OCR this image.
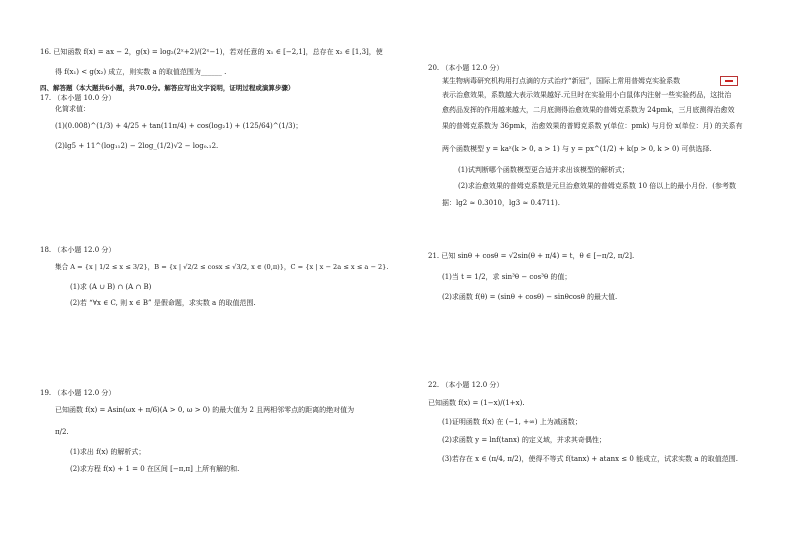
16. 已知函数 f(x) = ax − 2，g(x) = log₂(2ˣ+2)/(2ˣ−1)，若对任意的 x₁ ∈ [−2,1]，总存在 x₂ ∈ [1,3]，使
得 f(x₁) < g(x₂) 成立，则实数 a 的取值范围为______ .
四、解答题（本大题共6小题，共70.0分。解答应写出文字说明，证明过程或演算步骤）
17. （本小题 10.0 分）
化简求值：
(1)(0.008)^(1/3) + 4/25 + tan(11π/4) + cos(log₂1) + (125/64)^(1/3)；
(2)lg5 + 11^(log₁₁2) − 2log_(1/2)√2 − log₀.₁2.
18. （本小题 12.0 分）
集合 A = {x | 1/2 ≤ x ≤ 3/2}，B = {x | √2/2 ≤ cosx ≤ √3/2, x ∈ (0,π)}，C = {x | x − 2a ≤ x ≤ a − 2}.
(1)求 (A ∪ B) ∩ (A ∩ B)
(2)若 “∀x ∈ C, 则 x ∈ B” 是假命题，求实数 a 的取值范围.
19. （本小题 12.0 分）
已知函数 f(x) = Asin(ωx + π/6)(A > 0, ω > 0) 的最大值为 2 且两相邻零点的距离的绝对值为
π/2.
(1)求出 f(x) 的解析式；
(2)求方程 f(x) + 1 = 0 在区间 [−π,π] 上所有解的和.
20. （本小题 12.0 分）
某生物病毒研究机构用打点滴的方式治疗“新冠”，国际上常用普姆克实验系数
表示治愈效果，系数越大表示效果越好.元旦时在实验用小白鼠体内注射一些实验药品，这批治
愈药品发挥的作用越来越大，二月底测得治愈效果的普姆克系数为 24pmk，三月底测得治愈效
果的普姆克系数为 36pmk，治愈效果的普姆克系数 y(单位：pmk) 与月份 x(单位：月) 的关系有
两个函数模型 y = kaˣ(k > 0, a > 1) 与 y = px^(1/2) + k(p > 0, k > 0) 可供选择.
(1)试判断哪个函数模型更合适并求出该模型的解析式；
(2)求治愈效果的普姆克系数是元旦治愈效果的普姆克系数 10 倍以上的最小月份．(参考数
据：lg2 ≈ 0.3010，lg3 ≈ 0.4711).
21. 已知 sinθ + cosθ = √2sin(θ + π/4) = t，θ ∈ [−π/2, π/2].
(1)当 t = 1/2，求 sin³θ − cos³θ 的值；
(2)求函数 f(θ) = (sinθ + cosθ) − sinθcosθ 的最大值.
22. （本小题 12.0 分）
已知函数 f(x) = (1−x)/(1+x).
(1)证明函数 f(x) 在 (−1, +∞) 上为减函数；
(2)求函数 y = lnf(tanx) 的定义域，并求其奇偶性；
(3)若存在 x ∈ (π/4, π/2)，使得不等式 f(tanx) + atanx ≤ 0 能成立，试求实数 a 的取值范围.
